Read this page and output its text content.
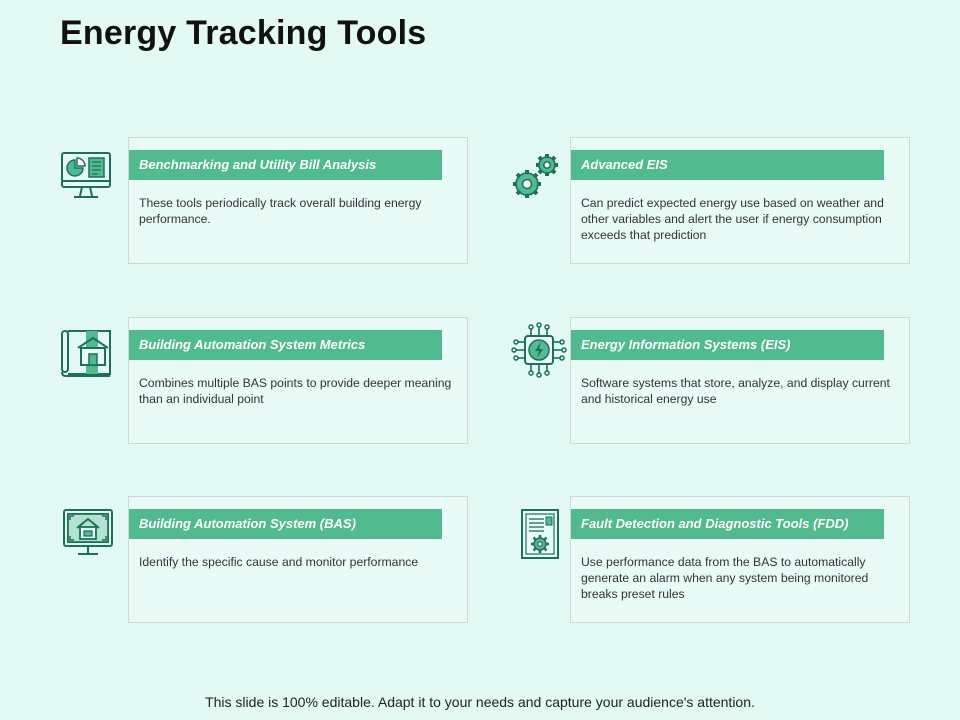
Energy Tracking Tools
Benchmarking and Utility Bill Analysis
These tools periodically track overall building energy performance.
Advanced EIS
Can predict expected energy use based on weather and other variables and alert the user if energy consumption exceeds that prediction
Building Automation System Metrics
Combines multiple BAS points to provide deeper meaning than an individual point
Energy Information Systems (EIS)
Software systems that store, analyze, and display current and historical energy use
Building Automation System (BAS)
Identify the specific cause and monitor performance
Fault Detection and Diagnostic Tools (FDD)
Use performance data from the BAS to automatically generate an alarm when any system being monitored breaks preset rules
This slide is 100% editable. Adapt it to your needs and capture your audience's attention.
